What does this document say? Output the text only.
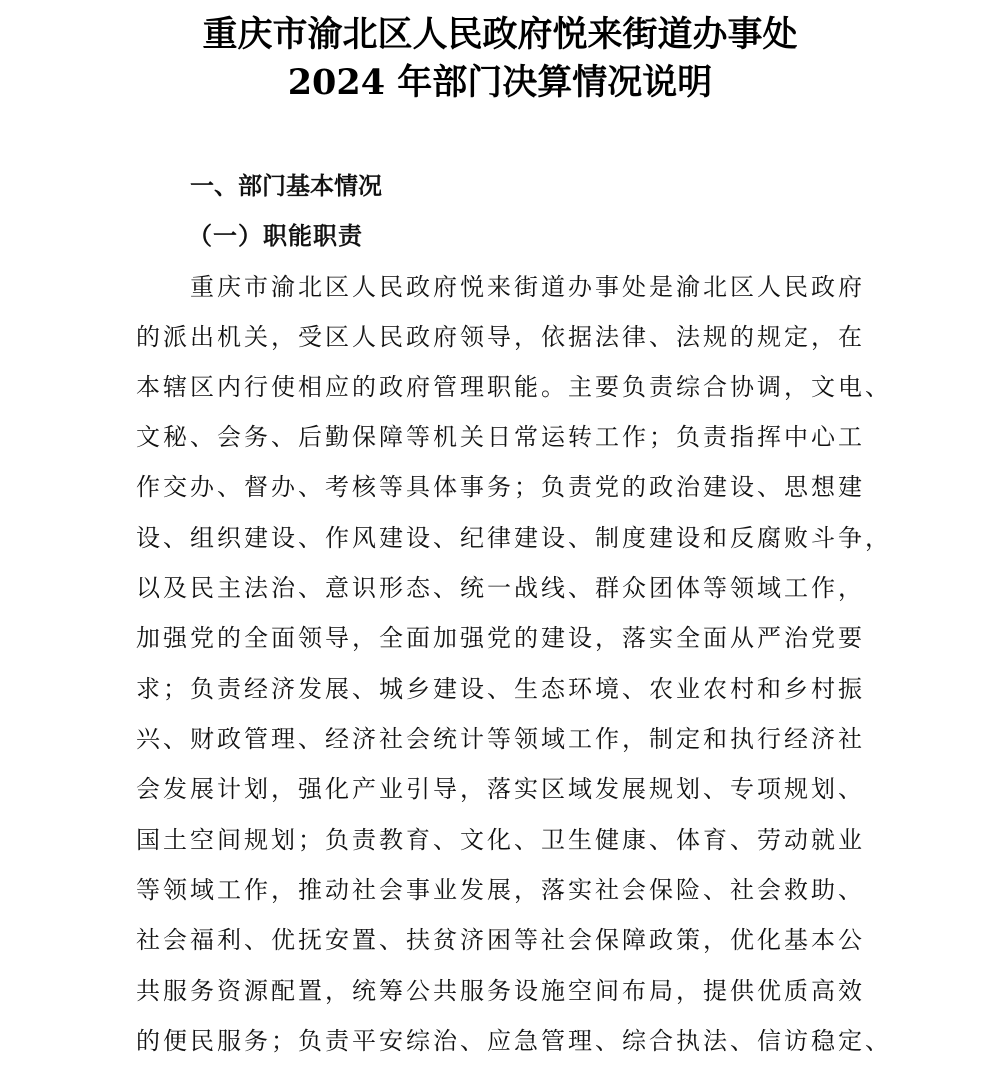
重庆市渝北区人民政府悦来街道办事处
2024 年部门决算情况说明
一、部门基本情况
（一）职能职责

重庆市渝北区人民政府悦来街道办事处是渝北区人民政府

的派出机关，受区人民政府领导，依据法律、法规的规定，在

本辖区内行使相应的政府管理职能。主要负责综合协调，文电、

文秘、会务、后勤保障等机关日常运转工作；负责指挥中心工

作交办、督办、考核等具体事务；负责党的政治建设、思想建

设、组织建设、作风建设、纪律建设、制度建设和反腐败斗争，

以及民主法治、意识形态、统一战线、群众团体等领域工作，

加强党的全面领导，全面加强党的建设，落实全面从严治党要

求；负责经济发展、城乡建设、生态环境、农业农村和乡村振

兴、财政管理、经济社会统计等领域工作，制定和执行经济社

会发展计划，强化产业引导，落实区域发展规划、专项规划、

国土空间规划；负责教育、文化、卫生健康、体育、劳动就业

等领域工作，推动社会事业发展，落实社会保险、社会救助、

社会福利、优抚安置、扶贫济困等社会保障政策，优化基本公

共服务资源配置，统筹公共服务设施空间布局，提供优质高效

的便民服务；负责平安综治、应急管理、综合执法、信访稳定、
